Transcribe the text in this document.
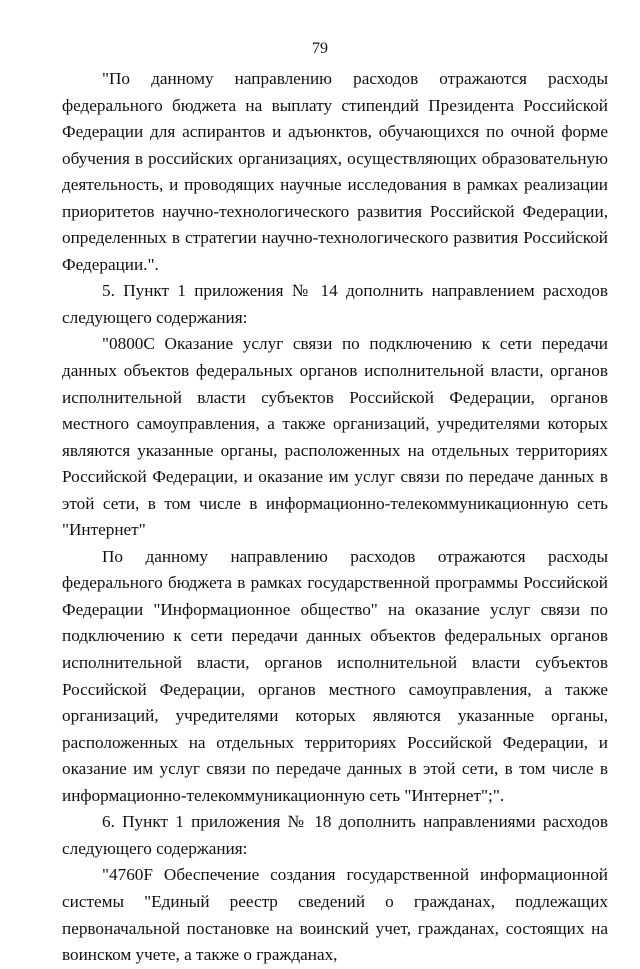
79

"По данному направлению расходов отражаются расходы федерального бюджета на выплату стипендий Президента Российской Федерации для аспирантов и адъюнктов, обучающихся по очной форме обучения в российских организациях, осуществляющих образовательную деятельность, и проводящих научные исследования в рамках реализации приоритетов научно-технологического развития Российской Федерации, определенных в стратегии научно-технологического развития Российской Федерации.".

5. Пункт 1 приложения № 14 дополнить направлением расходов следующего содержания:

"0800С Оказание услуг связи по подключению к сети передачи данных объектов федеральных органов исполнительной власти, органов исполнительной власти субъектов Российской Федерации, органов местного самоуправления, а также организаций, учредителями которых являются указанные органы, расположенных на отдельных территориях Российской Федерации, и оказание им услуг связи по передаче данных в этой сети, в том числе в информационно-телекоммуникационную сеть "Интернет"

По данному направлению расходов отражаются расходы федерального бюджета в рамках государственной программы Российской Федерации "Информационное общество" на оказание услуг связи по подключению к сети передачи данных объектов федеральных органов исполнительной власти, органов исполнительной власти субъектов Российской Федерации, органов местного самоуправления, а также организаций, учредителями которых являются указанные органы, расположенных на отдельных территориях Российской Федерации, и оказание им услуг связи по передаче данных в этой сети, в том числе в информационно-телекоммуникационную сеть "Интернет";".

6. Пункт 1 приложения № 18 дополнить направлениями расходов следующего содержания:

"4760F Обеспечение создания государственной информационной системы "Единый реестр сведений о гражданах, подлежащих первоначальной постановке на воинский учет, гражданах, состоящих на воинском учете, а также о гражданах,
